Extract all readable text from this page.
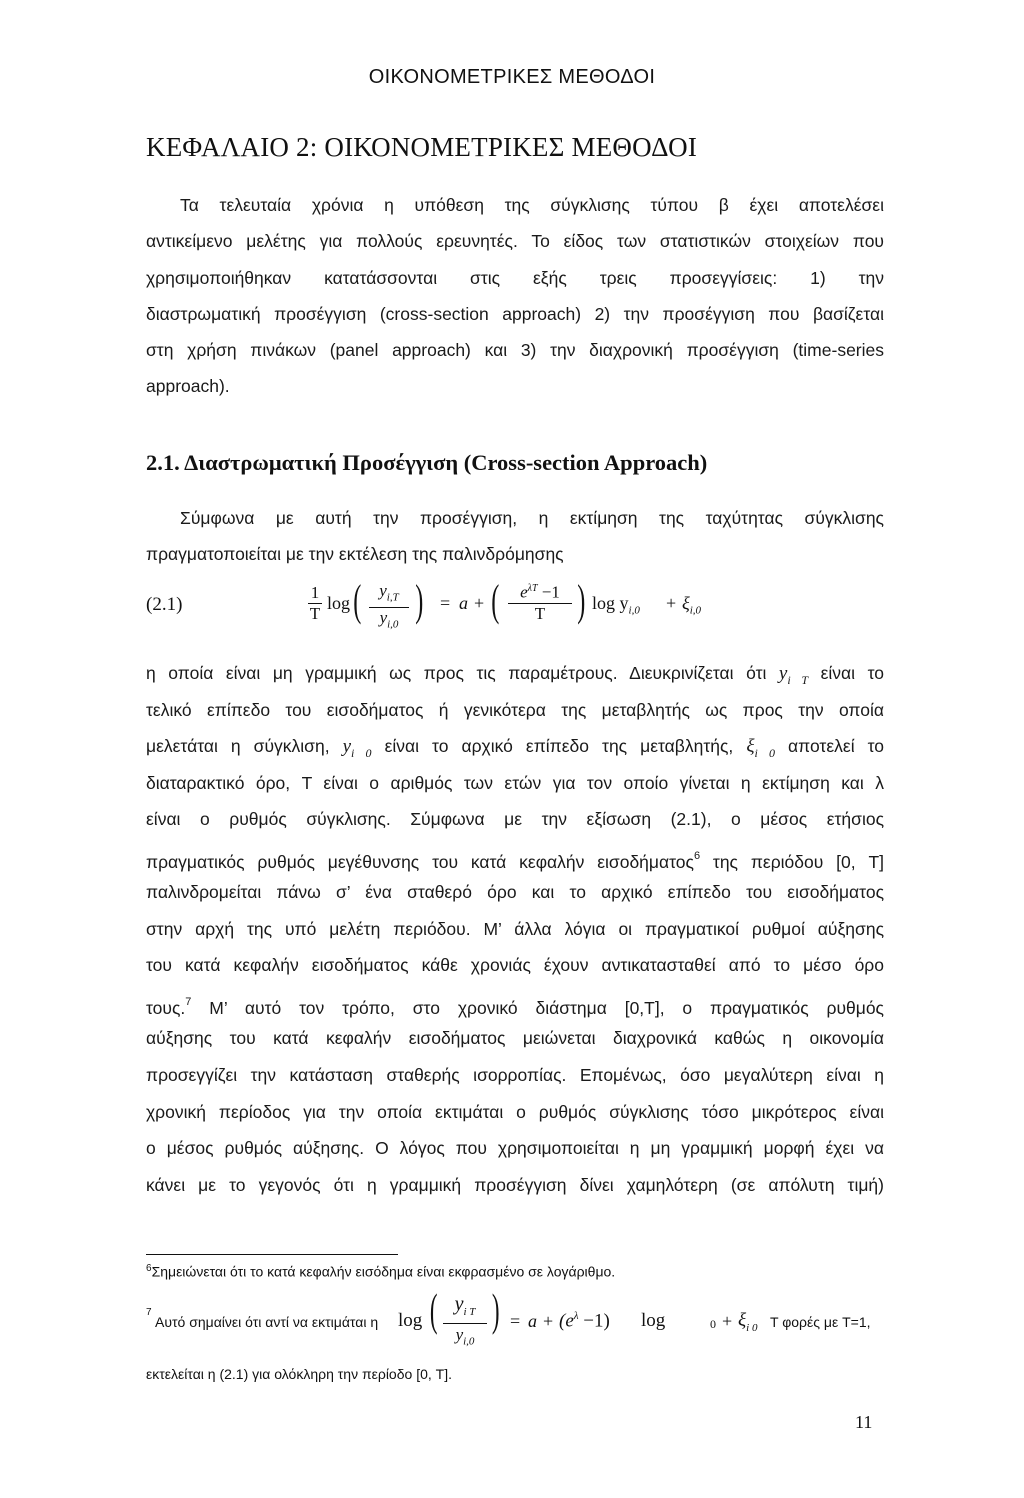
ΟΙΚΟΝΟΜΕΤΡΙΚΕΣ ΜΕΘΟΔΟΙ
ΚΕΦΑΛΑΙΟ 2: ΟΙΚΟΝΟΜΕΤΡΙΚΕΣ ΜΕΘΟΔΟΙ
Τα τελευταία χρόνια η υπόθεση της σύγκλισης τύπου β έχει αποτελέσει
αντικείμενο μελέτης για πολλούς ερευνητές. Το είδος των στατιστικών στοιχείων που
χρησιμοποιήθηκαν κατατάσσονται στις εξής τρεις προσεγγίσεις: 1) την
διαστρωματική προσέγγιση (cross-section approach) 2) την προσέγγιση που βασίζεται
στη χρήση πινάκων (panel approach) και 3) την διαχρονική προσέγγιση (time-series
approach).
2.1. Διαστρωματική Προσέγγιση (Cross-section Approach)
Σύμφωνα με αυτή την προσέγγιση, η εκτίμηση της ταχύτητας σύγκλισης
πραγματοποιείται με την εκτέλεση της παλινδρόμησης
(2.1)	$\frac{1}{T}$ log ( $\frac{y_{i,T}}{y_{i,0}}$ ) = a + (	$e^{\lambda T} -1$
T ) $\log y_{i,0} + \xi_{i,0}$
η οποία είναι μη γραμμική ως προς τις παραμέτρους. Διευκρινίζεται ότι $y_{i T}$ είναι το
τελικό επίπεδο του εισοδήματος ή γενικότερα της μεταβλητής ως προς την οποία
μελετάται η σύγκλιση, $y_{i 0}$ είναι το αρχικό επίπεδο της μεταβλητής, $\xi_{i 0}$ αποτελεί το
διαταρακτικό όρο, T είναι ο αριθμός των ετών για τον οποίο γίνεται η εκτίμηση και λ
είναι ο ρυθμός σύγκλισης. Σύμφωνα με την εξίσωση (2.1), ο μέσος ετήσιος
πραγματικός ρυθμός μεγέθυνσης του κατά κεφαλήν εισοδήματος$^6$ της περιόδου [0, T]
παλινδρομείται πάνω σ’ ένα σταθερό όρο και το αρχικό επίπεδο του εισοδήματος
στην αρχή της υπό μελέτη περιόδου. Μ’ άλλα λόγια οι πραγματικοί ρυθμοί αύξησης
του κατά κεφαλήν εισοδήματος κάθε χρονιάς έχουν αντικατασταθεί από το μέσο όρο
τους.$^7$ Μ’ αυτό τον τρόπο, στο χρονικό διάστημα [0,T], ο πραγματικός ρυθμός
αύξησης του κατά κεφαλήν εισοδήματος μειώνεται διαχρονικά καθώς η οικονομία
προσεγγίζει την κατάσταση σταθερής ισορροπίας. Επομένως, όσο μεγαλύτερη είναι η
χρονική περίοδος για την οποία εκτιμάται ο ρυθμός σύγκλισης τόσο μικρότερος είναι
ο μέσος ρυθμός αύξησης. Ο λόγος που χρησιμοποιείται η μη γραμμική μορφή έχει να
κάνει με το γεγονός ότι η γραμμική προσέγγιση δίνει χαμηλότερη (σε απόλυτη τιμή)
$^6$Σημειώνεται ότι το κατά κεφαλήν εισόδημα είναι εκφρασμένο σε λογάριθμο.
7
Αυτό σημαίνει ότι αντί να εκτιμάται η log ( $\frac{y_{i T}}{y_{i,0}}$ ) = $a + (e^\lambda -1)$ log	$0 + \xi_{i 0}$ T φορές με T=1,
εκτελείται η (2.1) για ολόκληρη την περίοδο [0, T].
11
